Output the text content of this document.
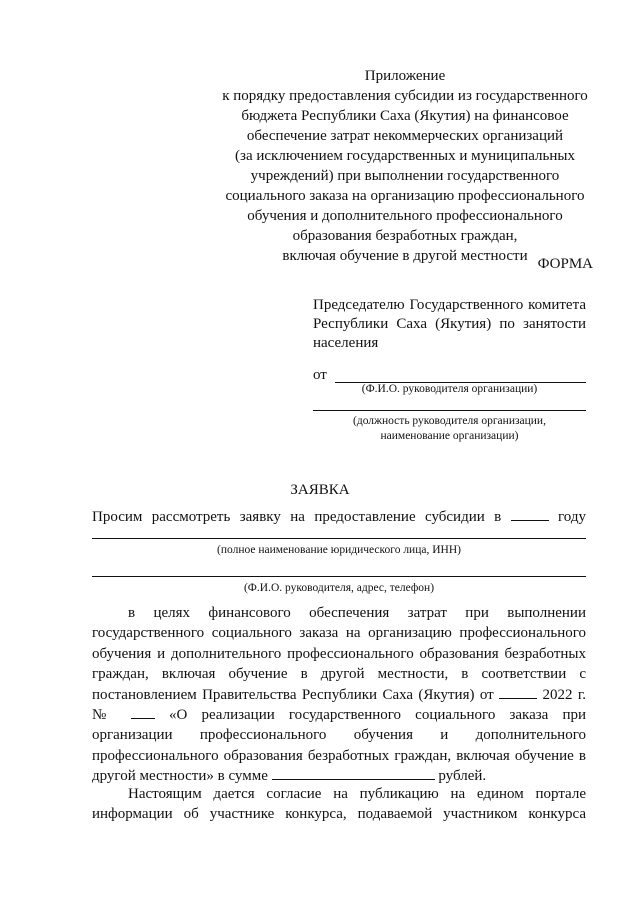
Приложение
к порядку предоставления субсидии из государственного
бюджета Республики Саха (Якутия) на финансовое
обеспечение затрат некоммерческих организаций
(за исключением государственных и муниципальных
учреждений) при выполнении государственного
социального заказа на организацию профессионального
обучения и дополнительного профессионального
образования безработных граждан,
включая обучение в другой местности ФОРМА
Председателю Государственного комитета
Республики Саха (Якутия) по занятости
населения
от
(Ф.И.О. руководителя организации)
(должность руководителя организации,
наименование организации)
ЗАЯВКА
Просим рассмотреть заявку на предоставление субсидии в	году
(полное наименование юридического лица, ИНН)
(Ф.И.О. руководителя, адрес, телефон)
в целях финансового обеспечения затрат при выполнении
государственного социального заказа на организацию профессионального
обучения и дополнительного профессионального образования безработных
граждан, включая обучение в другой местности, в соответствии с
постановлением Правительства Республики Саха (Якутия) от	2022 г.
№	«О реализации государственного социального заказа при
организации профессионального обучения и дополнительного
профессионального образования безработных граждан, включая обучение в
другой местности» в сумме	рублей.
Настоящим дается согласие на публикацию на едином портале
информации об участнике конкурса, подаваемой участником конкурса
